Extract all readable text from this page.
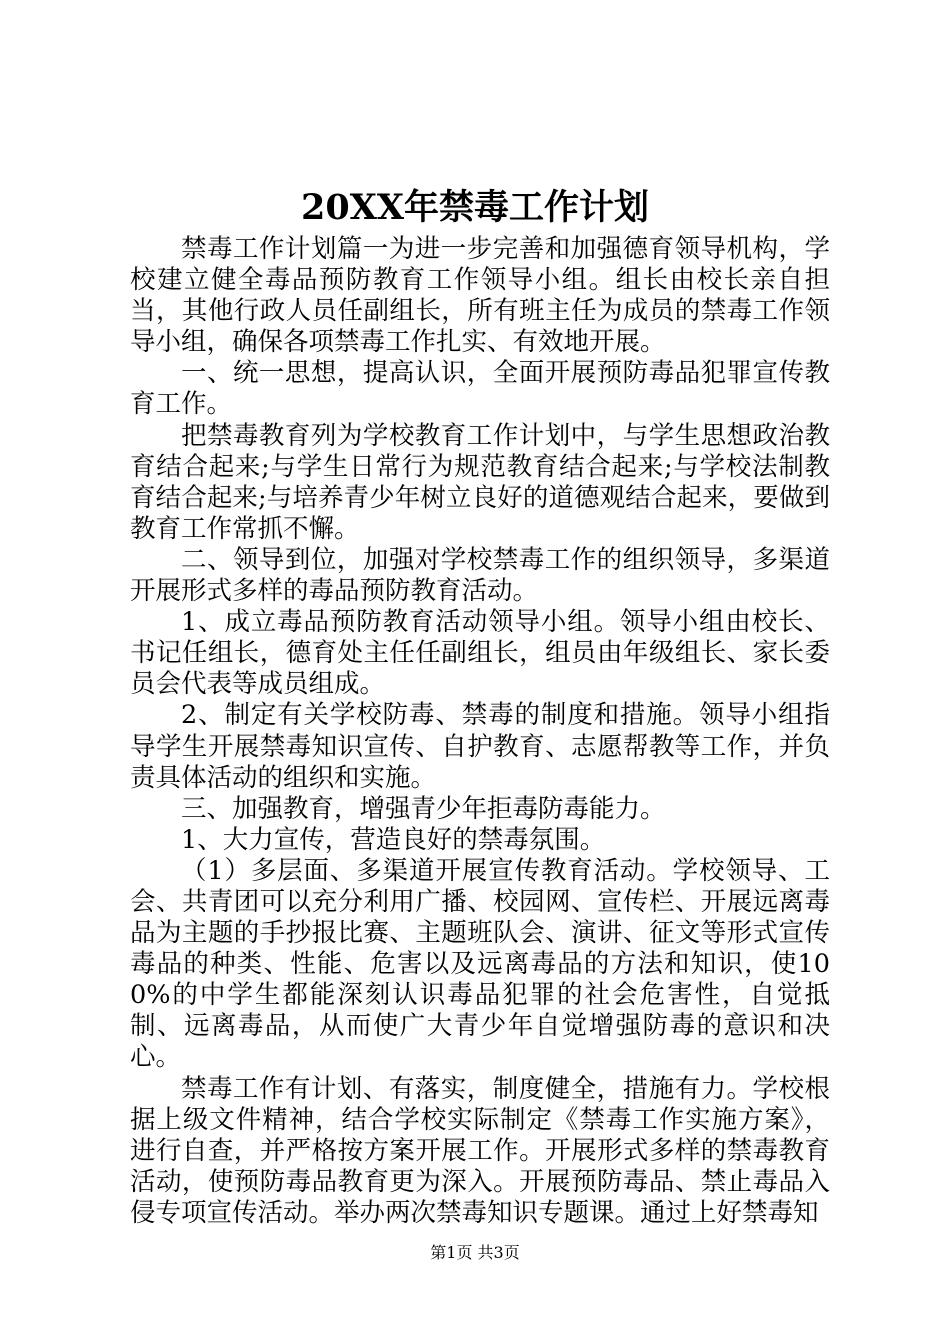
20XX年禁毒工作计划

禁毒工作计划篇一为进一步完善和加强德育领导机构，学校建立健全毒品预防教育工作领导小组。组长由校长亲自担当，其他行政人员任副组长，所有班主任为成员的禁毒工作领导小组，确保各项禁毒工作扎实、有效地开展。

一、统一思想，提高认识，全面开展预防毒品犯罪宣传教育工作。

把禁毒教育列为学校教育工作计划中，与学生思想政治教育结合起来;与学生日常行为规范教育结合起来;与学校法制教育结合起来;与培养青少年树立良好的道德观结合起来，要做到教育工作常抓不懈。

二、领导到位，加强对学校禁毒工作的组织领导，多渠道开展形式多样的毒品预防教育活动。

1、成立毒品预防教育活动领导小组。领导小组由校长、书记任组长，德育处主任任副组长，组员由年级组长、家长委员会代表等成员组成。

2、制定有关学校防毒、禁毒的制度和措施。领导小组指导学生开展禁毒知识宣传、自护教育、志愿帮教等工作，并负责具体活动的组织和实施。

三、加强教育，增强青少年拒毒防毒能力。

1、大力宣传，营造良好的禁毒氛围。

（1）多层面、多渠道开展宣传教育活动。学校领导、工会、共青团可以充分利用广播、校园网、宣传栏、开展远离毒品为主题的手抄报比赛、主题班队会、演讲、征文等形式宣传毒品的种类、性能、危害以及远离毒品的方法和知识，使100%的中学生都能深刻认识毒品犯罪的社会危害性，自觉抵制、远离毒品，从而使广大青少年自觉增强防毒的意识和决心。

禁毒工作有计划、有落实，制度健全，措施有力。学校根据上级文件精神，结合学校实际制定《禁毒工作实施方案》，进行自查，并严格按方案开展工作。开展形式多样的禁毒教育活动，使预防毒品教育更为深入。开展预防毒品、禁止毒品入侵专项宣传活动。举办两次禁毒知识专题课。通过上好禁毒知

第1页 共3页
